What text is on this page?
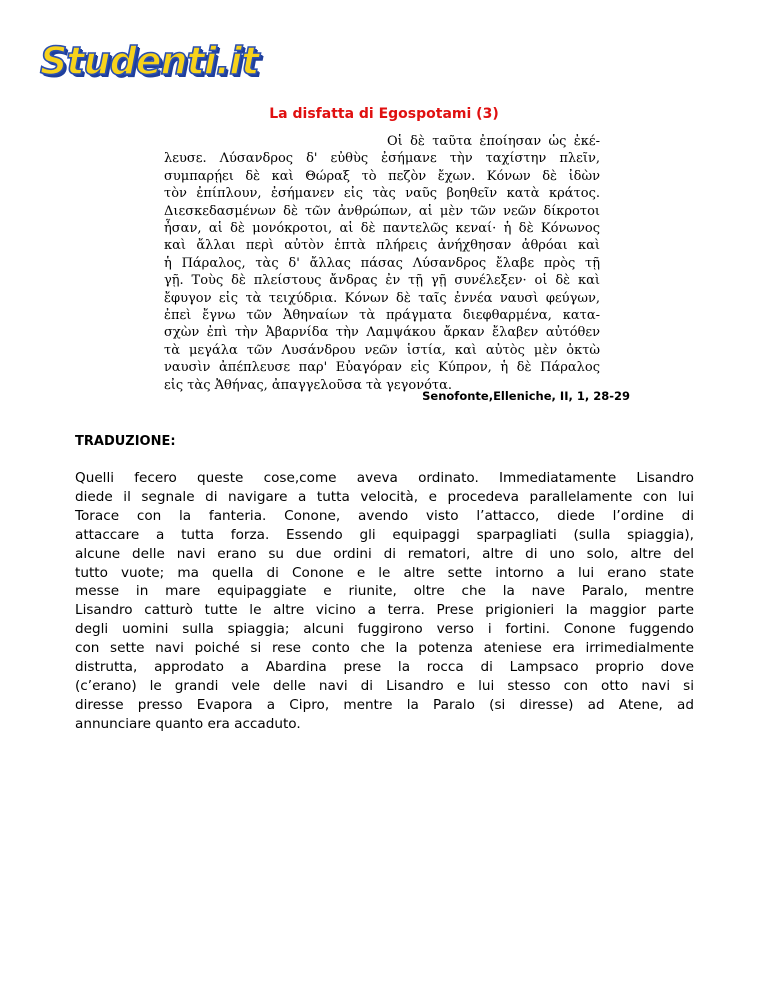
Studenti.it
La disfatta di Egospotami (3)
Οἱ δὲ ταῦτα ἐποίησαν ὡς ἐκέ-
λευσε. Λύσανδρος δ' εὐθὺς ἐσήμανε τὴν ταχίστην πλεῖν,
συμπαρῄει δὲ καὶ Θώραξ τὸ πεζὸν ἔχων. Κόνων δὲ ἰδὼν
τὸν ἐπίπλουν, ἐσήμανεν εἰς τὰς ναῦς βοηθεῖν κατὰ κράτος.
Διεσκεδασμένων δὲ τῶν ἀνθρώπων, αἱ μὲν τῶν νεῶν δίκροτοι
ἦσαν, αἱ δὲ μονόκροτοι, αἱ δὲ παντελῶς κεναί· ἡ δὲ Κόνωνος
καὶ ἄλλαι περὶ αὐτὸν ἑπτὰ πλήρεις ἀνήχθησαν ἀθρόαι καὶ
ἡ Πάραλος, τὰς δ' ἄλλας πάσας Λύσανδρος ἔλαβε πρὸς τῇ
γῇ. Τοὺς δὲ πλείστους ἄνδρας ἐν τῇ γῇ συνέλεξεν· οἱ δὲ καὶ
ἔφυγον εἰς τὰ τειχύδρια. Κόνων δὲ ταῖς ἐννέα ναυσὶ φεύγων,
ἐπεὶ ἔγνω τῶν Ἀθηναίων τὰ πράγματα διεφθαρμένα, κατα-
σχὼν ἐπὶ τὴν Ἀβαρνίδα τὴν Λαμψάκου ἄρκαν ἔλαβεν αὐτόθεν
τὰ μεγάλα τῶν Λυσάνδρου νεῶν ἱστία, καὶ αὐτὸς μὲν ὀκτὼ
ναυσὶν ἀπέπλευσε παρ' Εὐαγόραν εἰς Κύπρον, ἡ δὲ Πάραλος
εἰς τὰς Ἀθήνας, ἀπαγγελοῦσα τὰ γεγονότα.
Senofonte,Elleniche, II, 1, 28-29
TRADUZIONE:
Quelli fecero queste cose,come aveva ordinato. Immediatamente Lisandro
diede il segnale di navigare a tutta velocità, e procedeva parallelamente con lui
Torace con la fanteria. Conone, avendo visto l’attacco, diede l’ordine di
attaccare a tutta forza. Essendo gli equipaggi sparpagliati (sulla spiaggia),
alcune delle navi erano su due ordini di rematori, altre di uno solo, altre del
tutto vuote; ma quella di Conone e le altre sette intorno a lui erano state
messe in mare equipaggiate e riunite, oltre che la nave Paralo, mentre
Lisandro catturò tutte le altre vicino a terra. Prese prigionieri la maggior parte
degli uomini sulla spiaggia; alcuni fuggirono verso i fortini. Conone fuggendo
con sette navi poiché si rese conto che la potenza ateniese era irrimedialmente
distrutta, approdato a Abardina prese la rocca di Lampsaco proprio dove
(c’erano) le grandi vele delle navi di Lisandro e lui stesso con otto navi si
diresse presso Evapora a Cipro, mentre la Paralo (si diresse) ad Atene, ad
annunciare quanto era accaduto.
